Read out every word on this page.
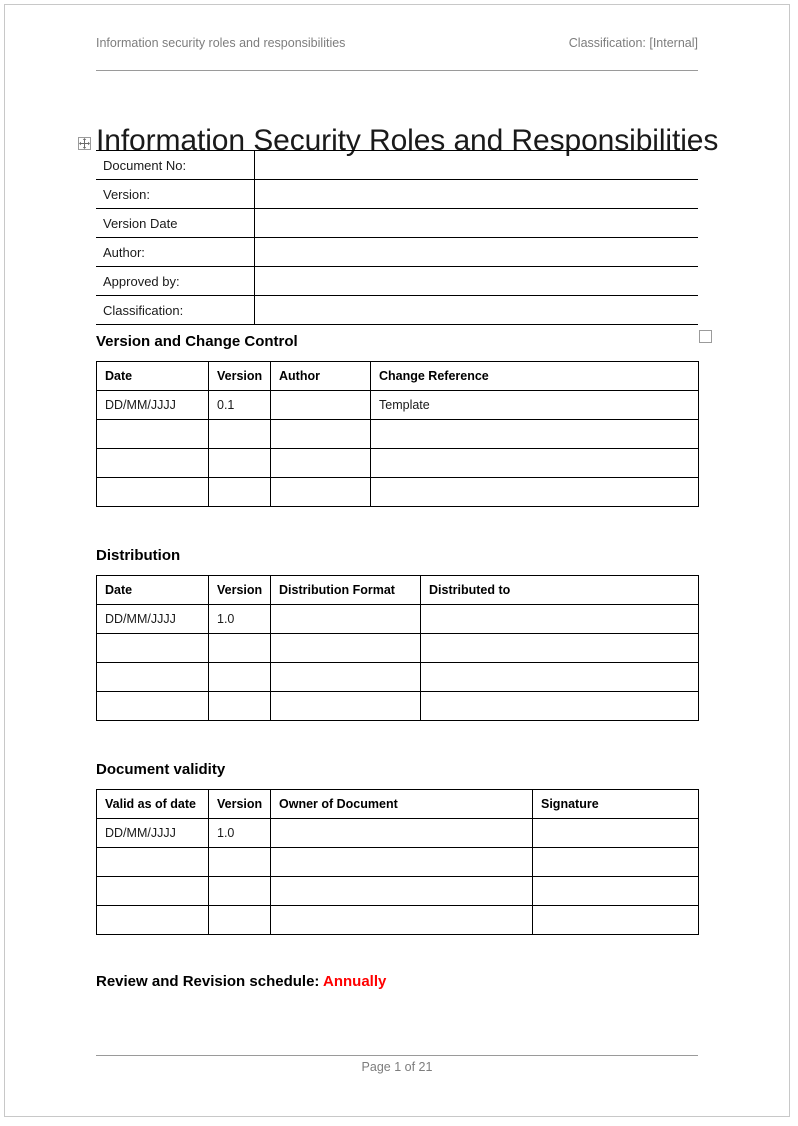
Information security roles and responsibilities	Classification: [Internal]
Information Security Roles and Responsibilities
Document No:	
Version:	
Version Date	
Author:	
Approved by:	
Classification:	
Version and Change Control
Date	Version	Author	Change Reference
DD/MM/JJJJ	0.1		Template

Distribution
Date	Version	Distribution Format	Distributed to
DD/MM/JJJJ	1.0		

Document validity
Valid as of date	Version	Owner of Document	Signature
DD/MM/JJJJ	1.0		

Review and Revision schedule: Annually
Page 1 of 21
